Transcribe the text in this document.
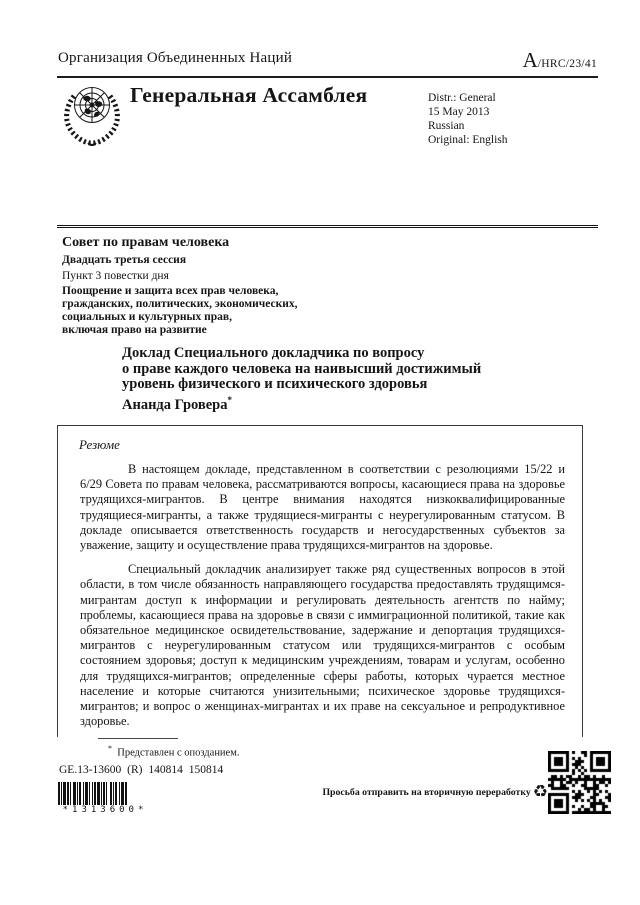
Организация Объединенных Наций	A/HRC/23/41
Генеральная Ассамблея	Distr.: General
15 May 2013
Russian
Original: English
Совет по правам человека
Двадцать третья сессия
Пункт 3 повестки дня
Поощрение и защита всех прав человека,
гражданских, политических, экономических,
социальных и культурных прав,
включая право на развитие
Доклад Специального докладчика по вопросу
о праве каждого человека на наивысший достижимый
уровень физического и психического здоровья
Ананда Гровера*
Резюме

В настоящем докладе, представленном в соответствии с резолюциями 15/22 и 6/29 Совета по правам человека, рассматриваются вопросы, касающиеся права на здоровье трудящихся-мигрантов. В центре внимания находятся низкоквалифицированные трудящиеся-мигранты, а также трудящиеся-мигранты с неурегулированным статусом. В докладе описывается ответственность государств и негосударственных субъектов за уважение, защиту и осуществление права трудящихся-мигрантов на здоровье.

Специальный докладчик анализирует также ряд существенных вопросов в этой области, в том числе обязанность направляющего государства предоставлять трудящимся-мигрантам доступ к информации и регулировать деятельность агентств по найму; проблемы, касающиеся права на здоровье в связи с иммиграционной политикой, такие как обязательное медицинское освидетельствование, задержание и депортация трудящихся-мигрантов с неурегулированным статусом или трудящихся-мигрантов с особым состоянием здоровья; доступ к медицинским учреждениям, товарам и услугам, особенно для трудящихся-мигрантов; определенные сферы работы, которых чурается местное население и которые считаются унизительными; психическое здоровье трудящихся-мигрантов; и вопрос о женщинах-мигрантах и их праве на сексуальное и репродуктивное здоровье.

* Представлен с опозданием.
GE.13-13600 (R) 140814 150814
*1313600*
Просьба отправить на вторичную переработку ♻
